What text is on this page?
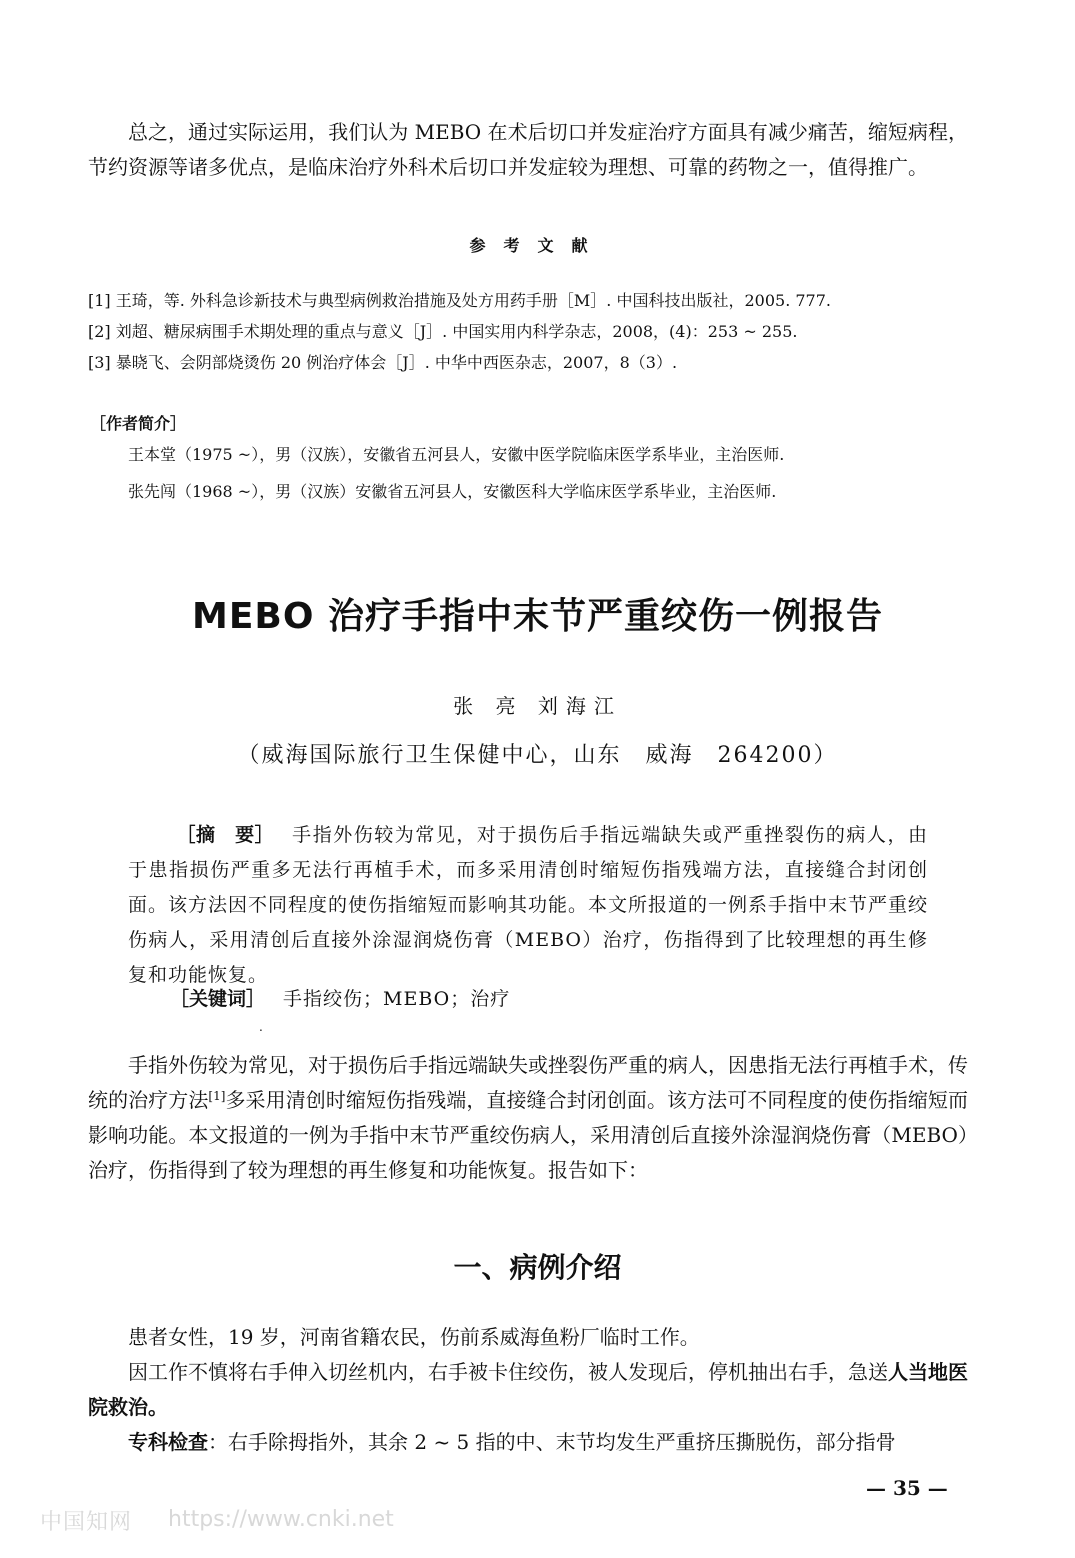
总之，通过实际运用，我们认为 MEBO 在术后切口并发症治疗方面具有减少痛苦，缩短病程，节约资源等诸多优点，是临床治疗外科术后切口并发症较为理想、可靠的药物之一，值得推广。

参考文献
[1] 王琦，等. 外科急诊新技术与典型病例救治措施及处方用药手册［M］. 中国科技出版社，2005. 777.
[2] 刘超、糖尿病围手术期处理的重点与意义［J］. 中国实用内科学杂志，2008，(4)：253 ~ 255.
[3] 暴晓飞、会阴部烧烫伤 20 例治疗体会［J］. 中华中西医杂志，2007，8（3）.
［作者简介］
王本堂（1975 ~），男（汉族），安徽省五河县人，安徽中医学院临床医学系毕业，主治医师.
张先闯（1968 ~），男（汉族）安徽省五河县人，安徽医科大学临床医学系毕业，主治医师.
MEBO 治疗手指中末节严重绞伤一例报告
张 亮 刘海江
（威海国际旅行卫生保健中心，山东　威海　264200）

［摘　要］ 手指外伤较为常见，对于损伤后手指远端缺失或严重挫裂伤的病人，由于患指损伤严重多无法行再植手术，而多采用清创时缩短伤指残端方法，直接缝合封闭创面。该方法因不同程度的使伤指缩短而影响其功能。本文所报道的一例系手指中末节严重绞伤病人，采用清创后直接外涂湿润烧伤膏（MEBO）治疗，伤指得到了比较理想的再生修复和功能恢复。

［关键词］ 手指绞伤；MEBO；治疗
.

手指外伤较为常见，对于损伤后手指远端缺失或挫裂伤严重的病人，因患指无法行再植手术，传统的治疗方法[1]多采用清创时缩短伤指残端，直接缝合封闭创面。该方法可不同程度的使伤指缩短而影响功能。本文报道的一例为手指中末节严重绞伤病人，采用清创后直接外涂湿润烧伤膏（MEBO）治疗，伤指得到了较为理想的再生修复和功能恢复。报告如下：

一、病例介绍

患者女性，19 岁，河南省籍农民，伤前系威海鱼粉厂临时工作。

因工作不慎将右手伸入切丝机内，右手被卡住绞伤，被人发现后，停机抽出右手，急送人当地医院救治。

专科检查：右手除拇指外，其余 2 ~ 5 指的中、末节均发生严重挤压撕脱伤，部分指骨

— 35 —
中国知网 https://www.cnki.net
